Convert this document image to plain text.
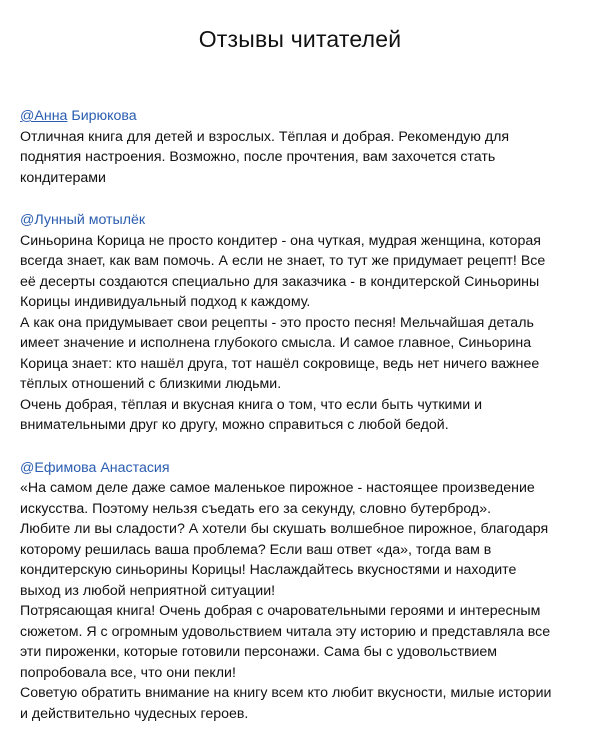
Отзывы читателей
@Анна Бирюкова
Отличная книга для детей и взрослых. Тёплая и добрая. Рекомендую для
поднятия настроения. Возможно, после прочтения, вам захочется стать
кондитерами
@Лунный мотылёк
Синьорина Корица не просто кондитер - она чуткая, мудрая женщина, которая
всегда знает, как вам помочь. А если не знает, то тут же придумает рецепт! Все
её десерты создаются специально для заказчика - в кондитерской Синьорины
Корицы индивидуальный подход к каждому.
А как она придумывает свои рецепты - это просто песня! Мельчайшая деталь
имеет значение и исполнена глубокого смысла. И самое главное, Синьорина
Корица знает: кто нашёл друга, тот нашёл сокровище, ведь нет ничего важнее
тёплых отношений с близкими людьми.
Очень добрая, тёплая и вкусная книга о том, что если быть чуткими и
внимательными друг ко другу, можно справиться с любой бедой.
@Ефимова Анастасия
«На самом деле даже самое маленькое пирожное - настоящее произведение
искусства. Поэтому нельзя съедать его за секунду, словно бутерброд».
Любите ли вы сладости? А хотели бы скушать волшебное пирожное, благодаря
которому решилась ваша проблема? Если ваш ответ «да», тогда вам в
кондитерскую синьорины Корицы! Наслаждайтесь вкусностями и находите
выход из любой неприятной ситуации!
Потрясающая книга! Очень добрая с очаровательными героями и интересным
сюжетом. Я с огромным удовольствием читала эту историю и представляла все
эти пироженки, которые готовили персонажи. Сама бы с удовольствием
попробовала все, что они пекли!
Советую обратить внимание на книгу всем кто любит вкусности, милые истории
и действительно чудесных героев.
